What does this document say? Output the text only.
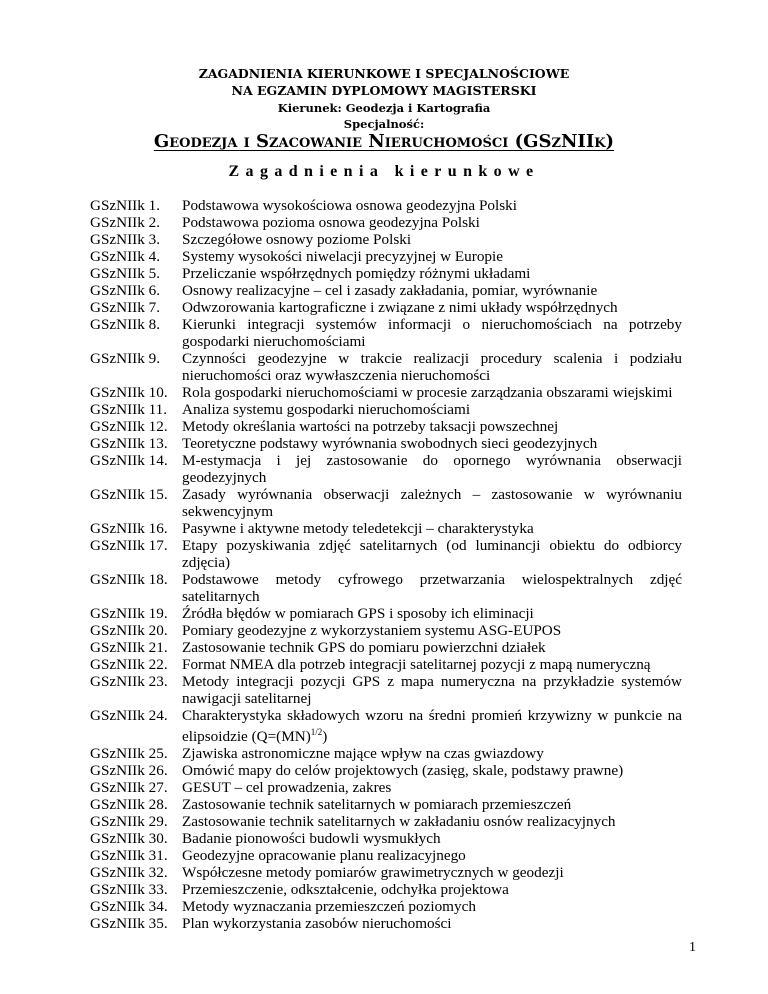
ZAGADNIENIA KIERUNKOWE I SPECJALNOŚCIOWE
NA EGZAMIN DYPLOMOWY MAGISTERSKI
Kierunek: Geodezja i Kartografia
Specjalność:
Geodezja i Szacowanie Nieruchomości (GSzNIIk)
Zagadnienia kierunkowe
GSzNIIk 1.	Podstawowa wysokościowa osnowa geodezyjna Polski
GSzNIIk 2.	Podstawowa pozioma osnowa geodezyjna Polski
GSzNIIk 3.	Szczegółowe osnowy poziome Polski
GSzNIIk 4.	Systemy wysokości niwelacji precyzyjnej w Europie
GSzNIIk 5.	Przeliczanie współrzędnych pomiędzy różnymi układami
GSzNIIk 6.	Osnowy realizacyjne – cel i zasady zakładania, pomiar, wyrównanie
GSzNIIk 7.	Odwzorowania kartograficzne i związane z nimi układy współrzędnych
GSzNIIk 8.	Kierunki integracji systemów informacji o nieruchomościach na potrzeby gospodarki nieruchomościami
GSzNIIk 9.	Czynności geodezyjne w trakcie realizacji procedury scalenia i podziału nieruchomości oraz wywłaszczenia nieruchomości
GSzNIIk 10. Rola gospodarki nieruchomościami w procesie zarządzania obszarami wiejskimi
GSzNIIk 11. Analiza systemu gospodarki nieruchomościami
GSzNIIk 12. Metody określania wartości na potrzeby taksacji powszechnej
GSzNIIk 13. Teoretyczne podstawy wyrównania swobodnych sieci geodezyjnych
GSzNIIk 14. M-estymacja i jej zastosowanie do opornego wyrównania obserwacji geodezyjnych
GSzNIIk 15. Zasady wyrównania obserwacji zależnych – zastosowanie w wyrównaniu sekwencyjnym
GSzNIIk 16. Pasywne i aktywne metody teledetekcji – charakterystyka
GSzNIIk 17. Etapy pozyskiwania zdjęć satelitarnych (od luminancji obiektu do odbiorcy zdjęcia)
GSzNIIk 18. Podstawowe metody cyfrowego przetwarzania wielospektralnych zdjęć satelitarnych
GSzNIIk 19. Źródła błędów w pomiarach GPS i sposoby ich eliminacji
GSzNIIk 20. Pomiary geodezyjne z wykorzystaniem systemu ASG-EUPOS
GSzNIIk 21. Zastosowanie technik GPS do pomiaru powierzchni działek
GSzNIIk 22. Format NMEA dla potrzeb integracji satelitarnej pozycji z mapą numeryczną
GSzNIIk 23. Metody integracji pozycji GPS z mapa numeryczna na przykładzie systemów nawigacji satelitarnej
GSzNIIk 24. Charakterystyka składowych wzoru na średni promień krzywizny w punkcie na elipsoidzie (Q=(MN)$^{1/2}$)
GSzNIIk 25. Zjawiska astronomiczne mające wpływ na czas gwiazdowy
GSzNIIk 26. Omówić mapy do celów projektowych (zasięg, skale, podstawy prawne)
GSzNIIk 27. GESUT – cel prowadzenia, zakres
GSzNIIk 28. Zastosowanie technik satelitarnych w pomiarach przemieszczeń
GSzNIIk 29. Zastosowanie technik satelitarnych w zakładaniu osnów realizacyjnych
GSzNIIk 30. Badanie pionowości budowli wysmukłych
GSzNIIk 31. Geodezyjne opracowanie planu realizacyjnego
GSzNIIk 32. Współczesne metody pomiarów grawimetrycznych w geodezji
GSzNIIk 33. Przemieszczenie, odkształcenie, odchyłka projektowa
GSzNIIk 34. Metody wyznaczania przemieszczeń poziomych
GSzNIIk 35. Plan wykorzystania zasobów nieruchomości
1
